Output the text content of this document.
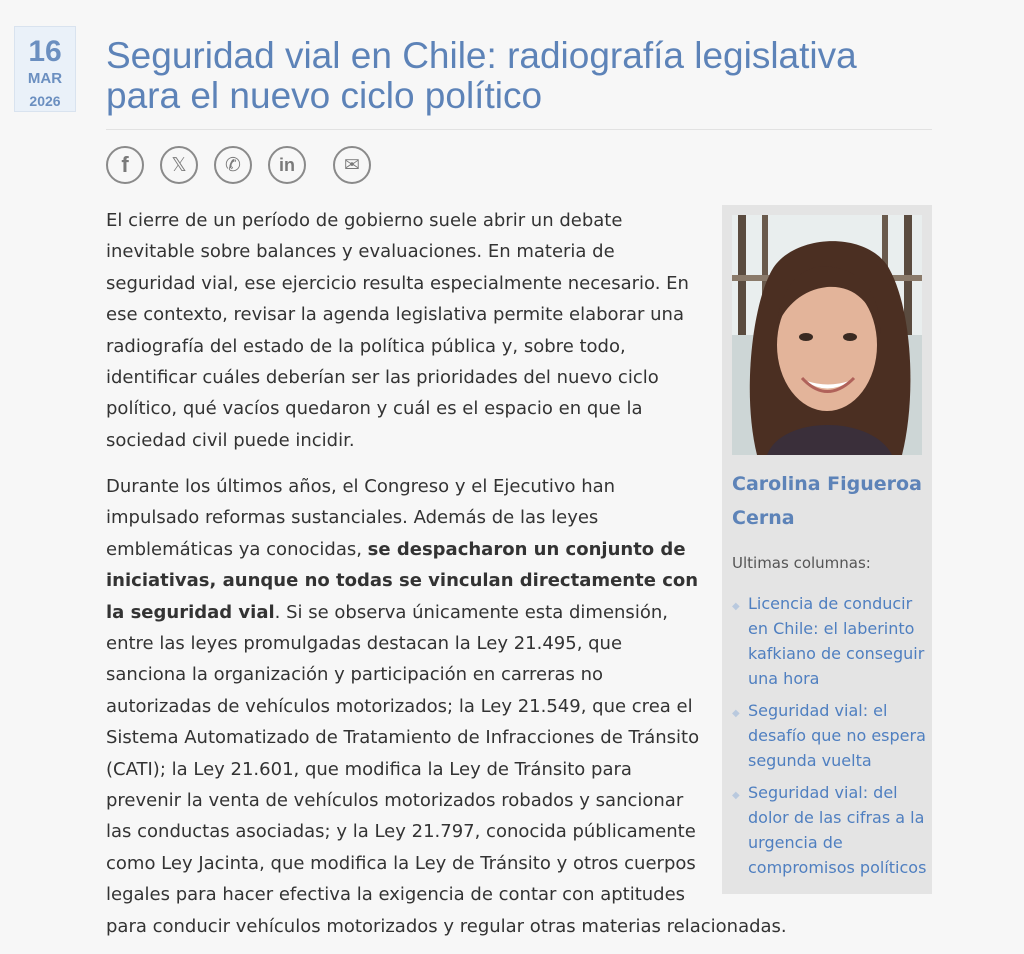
16
MAR
2026
Seguridad vial en Chile: radiografía legislativa para el nuevo ciclo político
f 𝕏 ✆ in	✉

El cierre de un período de gobierno suele abrir un debate inevitable sobre balances y evaluaciones. En materia de seguridad vial, ese ejercicio resulta especialmente necesario. En ese contexto, revisar la agenda legislativa permite elaborar una radiografía del estado de la política pública y, sobre todo, identificar cuáles deberían ser las prioridades del nuevo ciclo político, qué vacíos quedaron y cuál es el espacio en que la sociedad civil puede incidir.

Durante los últimos años, el Congreso y el Ejecutivo han impulsado reformas sustanciales. Además de las leyes emblemáticas ya conocidas, se despacharon un conjunto de iniciativas, aunque no todas se vinculan directamente con la seguridad vial. Si se observa únicamente esta dimensión, entre las leyes promulgadas destacan la Ley 21.495, que sanciona la organización y participación en carreras no autorizadas de vehículos motorizados; la Ley 21.549, que crea el Sistema Automatizado de Tratamiento de Infracciones de Tránsito (CATI); la Ley 21.601, que modifica la Ley de Tránsito para prevenir la venta de vehículos motorizados robados y sancionar las conductas asociadas; y la Ley 21.797, conocida públicamente como Ley Jacinta, que modifica la Ley de Tránsito y otros cuerpos legales para hacer efectiva la exigencia de contar con aptitudes

para conducir vehículos motorizados y regular otras materias relacionadas.
Carolina Figueroa Cerna
Ultimas columnas:
◆ Licencia de conducir en Chile: el laberinto kafkiano de conseguir una hora
◆ Seguridad vial: el desafío que no espera segunda vuelta
◆ Seguridad vial: del dolor de las cifras a la urgencia de compromisos políticos
